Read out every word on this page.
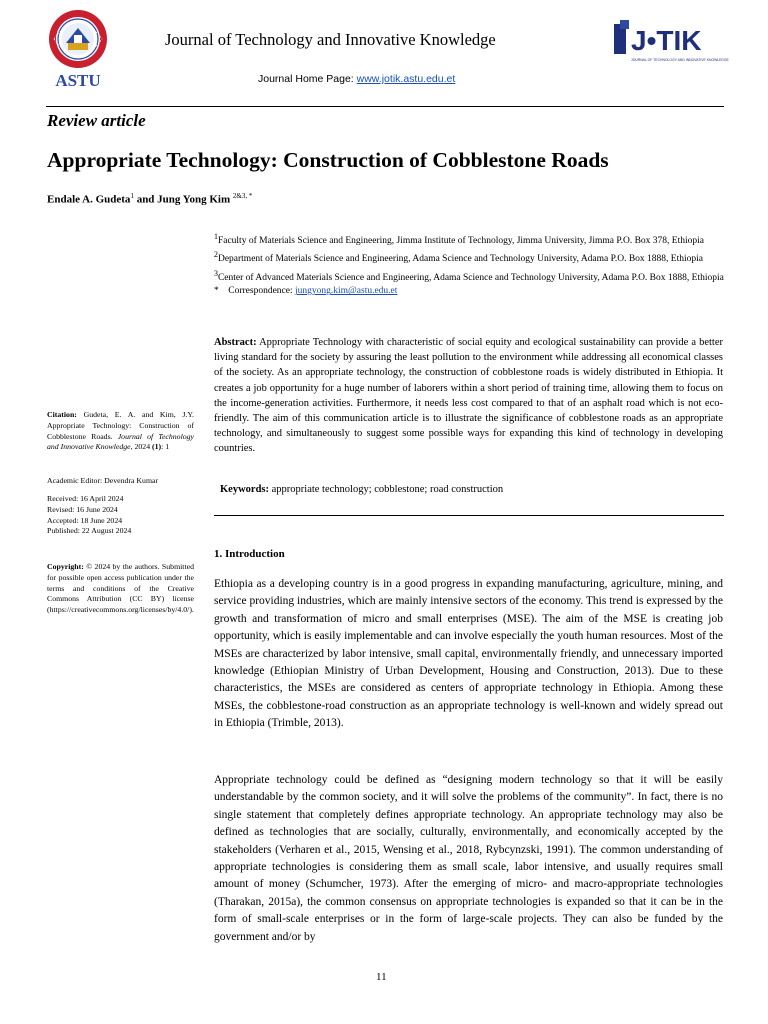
ASTU
Journal of Technology and Innovative Knowledge
Journal Home Page: www.jotik.astu.edu.et
J•TIK
JOURNAL OF TECHNOLOGY AND INNOVATIVE KNOWLEDGE
Review article
Appropriate Technology: Construction of Cobblestone Roads
Endale A. Gudeta$^1$ and Jung Yong Kim $^{2\&3, *}$

$^1$Faculty of Materials Science and Engineering, Jimma Institute of Technology, Jimma University, Jimma P.O. Box 378, Ethiopia

$^2$Department of Materials Science and Engineering, Adama Science and Technology University, Adama P.O. Box 1888, Ethiopia

$^3$Center of Advanced Materials Science and Engineering, Adama Science and Technology University, Adama P.O. Box 1888, Ethiopia

* Correspondence: jungyong.kim@astu.edu.et

Abstract: Appropriate Technology with characteristic of social equity and ecological sustainability can provide a better living standard for the society by assuring the least pollution to the environment while addressing all economical classes of the society. As an appropriate technology, the construction of cobblestone roads is widely distributed in Ethiopia. It creates a job opportunity for a huge number of laborers within a short period of training time, allowing them to focus on the income-generation activities. Furthermore, it needs less cost compared to that of an asphalt road which is not eco-friendly. The aim of this communication article is to illustrate the significance of cobblestone roads as an appropriate technology, and simultaneously to suggest some possible ways for expanding this kind of technology in developing countries.

Keywords: appropriate technology; cobblestone; road construction

Citation: Gudeta, E. A. and Kim, J.Y. Appropriate Technology: Construction of Cobblestone Roads. Journal of Technology and Innovative Knowledge, 2024 (1): 1

Academic Editor: Devendra Kumar

Received: 16 April 2024
Revised: 16 June 2024
Accepted: 18 June 2024
Published: 22 August 2024

Copyright: © 2024 by the authors. Submitted for possible open access publication under the terms and conditions of the Creative Commons Attribution (CC BY) license (https://creativecommons.org/licenses/by/4.0/).

1. Introduction

Ethiopia as a developing country is in a good progress in expanding manufacturing, agriculture, mining, and service providing industries, which are mainly intensive sectors of the economy. This trend is expressed by the growth and transformation of micro and small enterprises (MSE). The aim of the MSE is creating job opportunity, which is easily implementable and can involve especially the youth human resources. Most of the MSEs are characterized by labor intensive, small capital, environmentally friendly, and unnecessary imported knowledge (Ethiopian Ministry of Urban Development, Housing and Construction, 2013). Due to these characteristics, the MSEs are considered as centers of appropriate technology in Ethiopia. Among these MSEs, the cobblestone-road construction as an appropriate technology is well-known and widely spread out in Ethiopia (Trimble, 2013).

Appropriate technology could be defined as “designing modern technology so that it will be easily understandable by the common society, and it will solve the problems of the community”. In fact, there is no single statement that completely defines appropriate technology. An appropriate technology may also be defined as technologies that are socially, culturally, environmentally, and economically accepted by the stakeholders (Verharen et al., 2015, Wensing et al., 2018, Rybcynzski, 1991). The common understanding of appropriate technologies is considering them as small scale, labor intensive, and usually requires small amount of money (Schumcher, 1973). After the emerging of micro- and macro-appropriate technologies (Tharakan, 2015a), the common consensus on appropriate technologies is expanded so that it can be in the form of small-scale enterprises or in the form of large-scale projects. They can also be funded by the government and/or by

11
